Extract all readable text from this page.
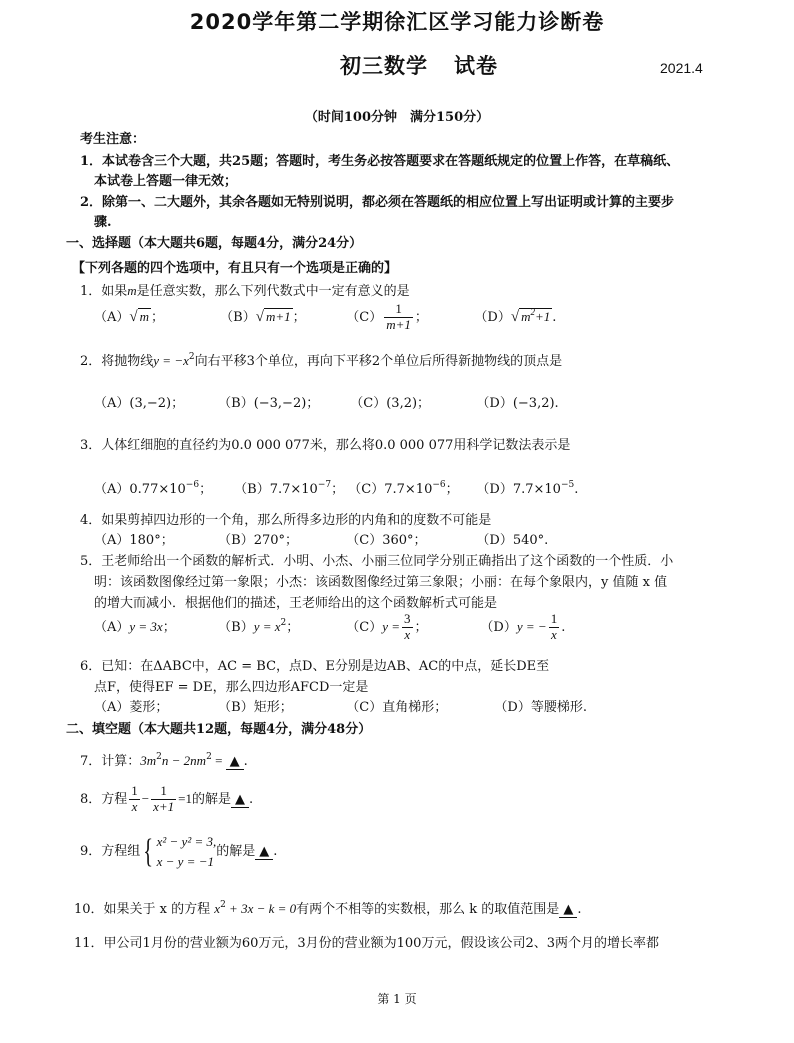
2020学年第二学期徐汇区学习能力诊断卷
初三数学 试卷	2021.4
（时间100分钟　满分150分）
考生注意：
1．本试卷含三个大题，共25题；答题时，考生务必按答题要求在答题纸规定的位置上作答，在草稿纸、
本试卷上答题一律无效；
2．除第一、二大题外，其余各题如无特别说明，都必须在答题纸的相应位置上写出证明或计算的主要步
骤.
一、选择题（本大题共6题，每题4分，满分24分）
【下列各题的四个选项中，有且只有一个选项是正确的】
1．如果m是任意实数，那么下列代数式中一定有意义的是
（A）√ m ；	（B）√ m+1 ；	$(C) \frac{1}{m+1}$ ；	（D）√ $m^2+1$ .
2．将抛物线$y = -x^2$向右平移3个单位，再向下平移2个单位后所得新抛物线的顶点是
（A）(3,−2)；	（B）(−3,−2)； （C）(3,2)；	（D）(−3,2).
3．人体红细胞的直径约为0.0 000 077米，那么将0.0 000 077用科学记数法表示是
$(A)0.77\times 10^{-6}$； $(B)7.7\times 10^{-7}$； $(C)7.7\times 10^{-6}$； $(D)7.7\times 10^{-5}$.
4．如果剪掉四边形的一个角，那么所得多边形的内角和的度数不可能是
（A）180°；	（B）270°；	（C）360°；	（D）540°.
5．王老师给出一个函数的解析式．小明、小杰、小丽三位同学分别正确指出了这个函数的一个性质．小
明：该函数图像经过第一象限；小杰：该函数图像经过第三象限；小丽：在每个象限内，y 值随 x 值
的增大而减小．根据他们的描述，王老师给出的这个函数解析式可能是
（A）y = 3x；	$(B)y = x^2$；	$(C)y = \frac{3}{x}$ ；	（D）y = − $\frac{1}{x}$ .
6．已知：在ΔABC中，AC = BC，点D、E分别是边AB、AC的中点，延长DE至
点F，使得EF = DE，那么四边形AFCD一定是
（A）菱形；	（B）矩形；	（C）直角梯形；	（D）等腰梯形.
二、填空题（本大题共12题，每题4分，满分48分）
7．计算：$3m^2n - 2nm^2$ = ▲ .
8．方程 $\frac{1}{x} - \frac{1}{x+1} =1$的解是 ▲ .
9．方程组{ x² − y² = 3,
x − y = −1
的解是 ▲ .
10．如果关于 x 的方程 $x^2 + 3x - k = 0$有两个不相等的实数根，那么 k 的取值范围是 ▲ .
11．甲公司1月份的营业额为60万元，3月份的营业额为100万元，假设该公司2、3两个月的增长率都
第 1 页
